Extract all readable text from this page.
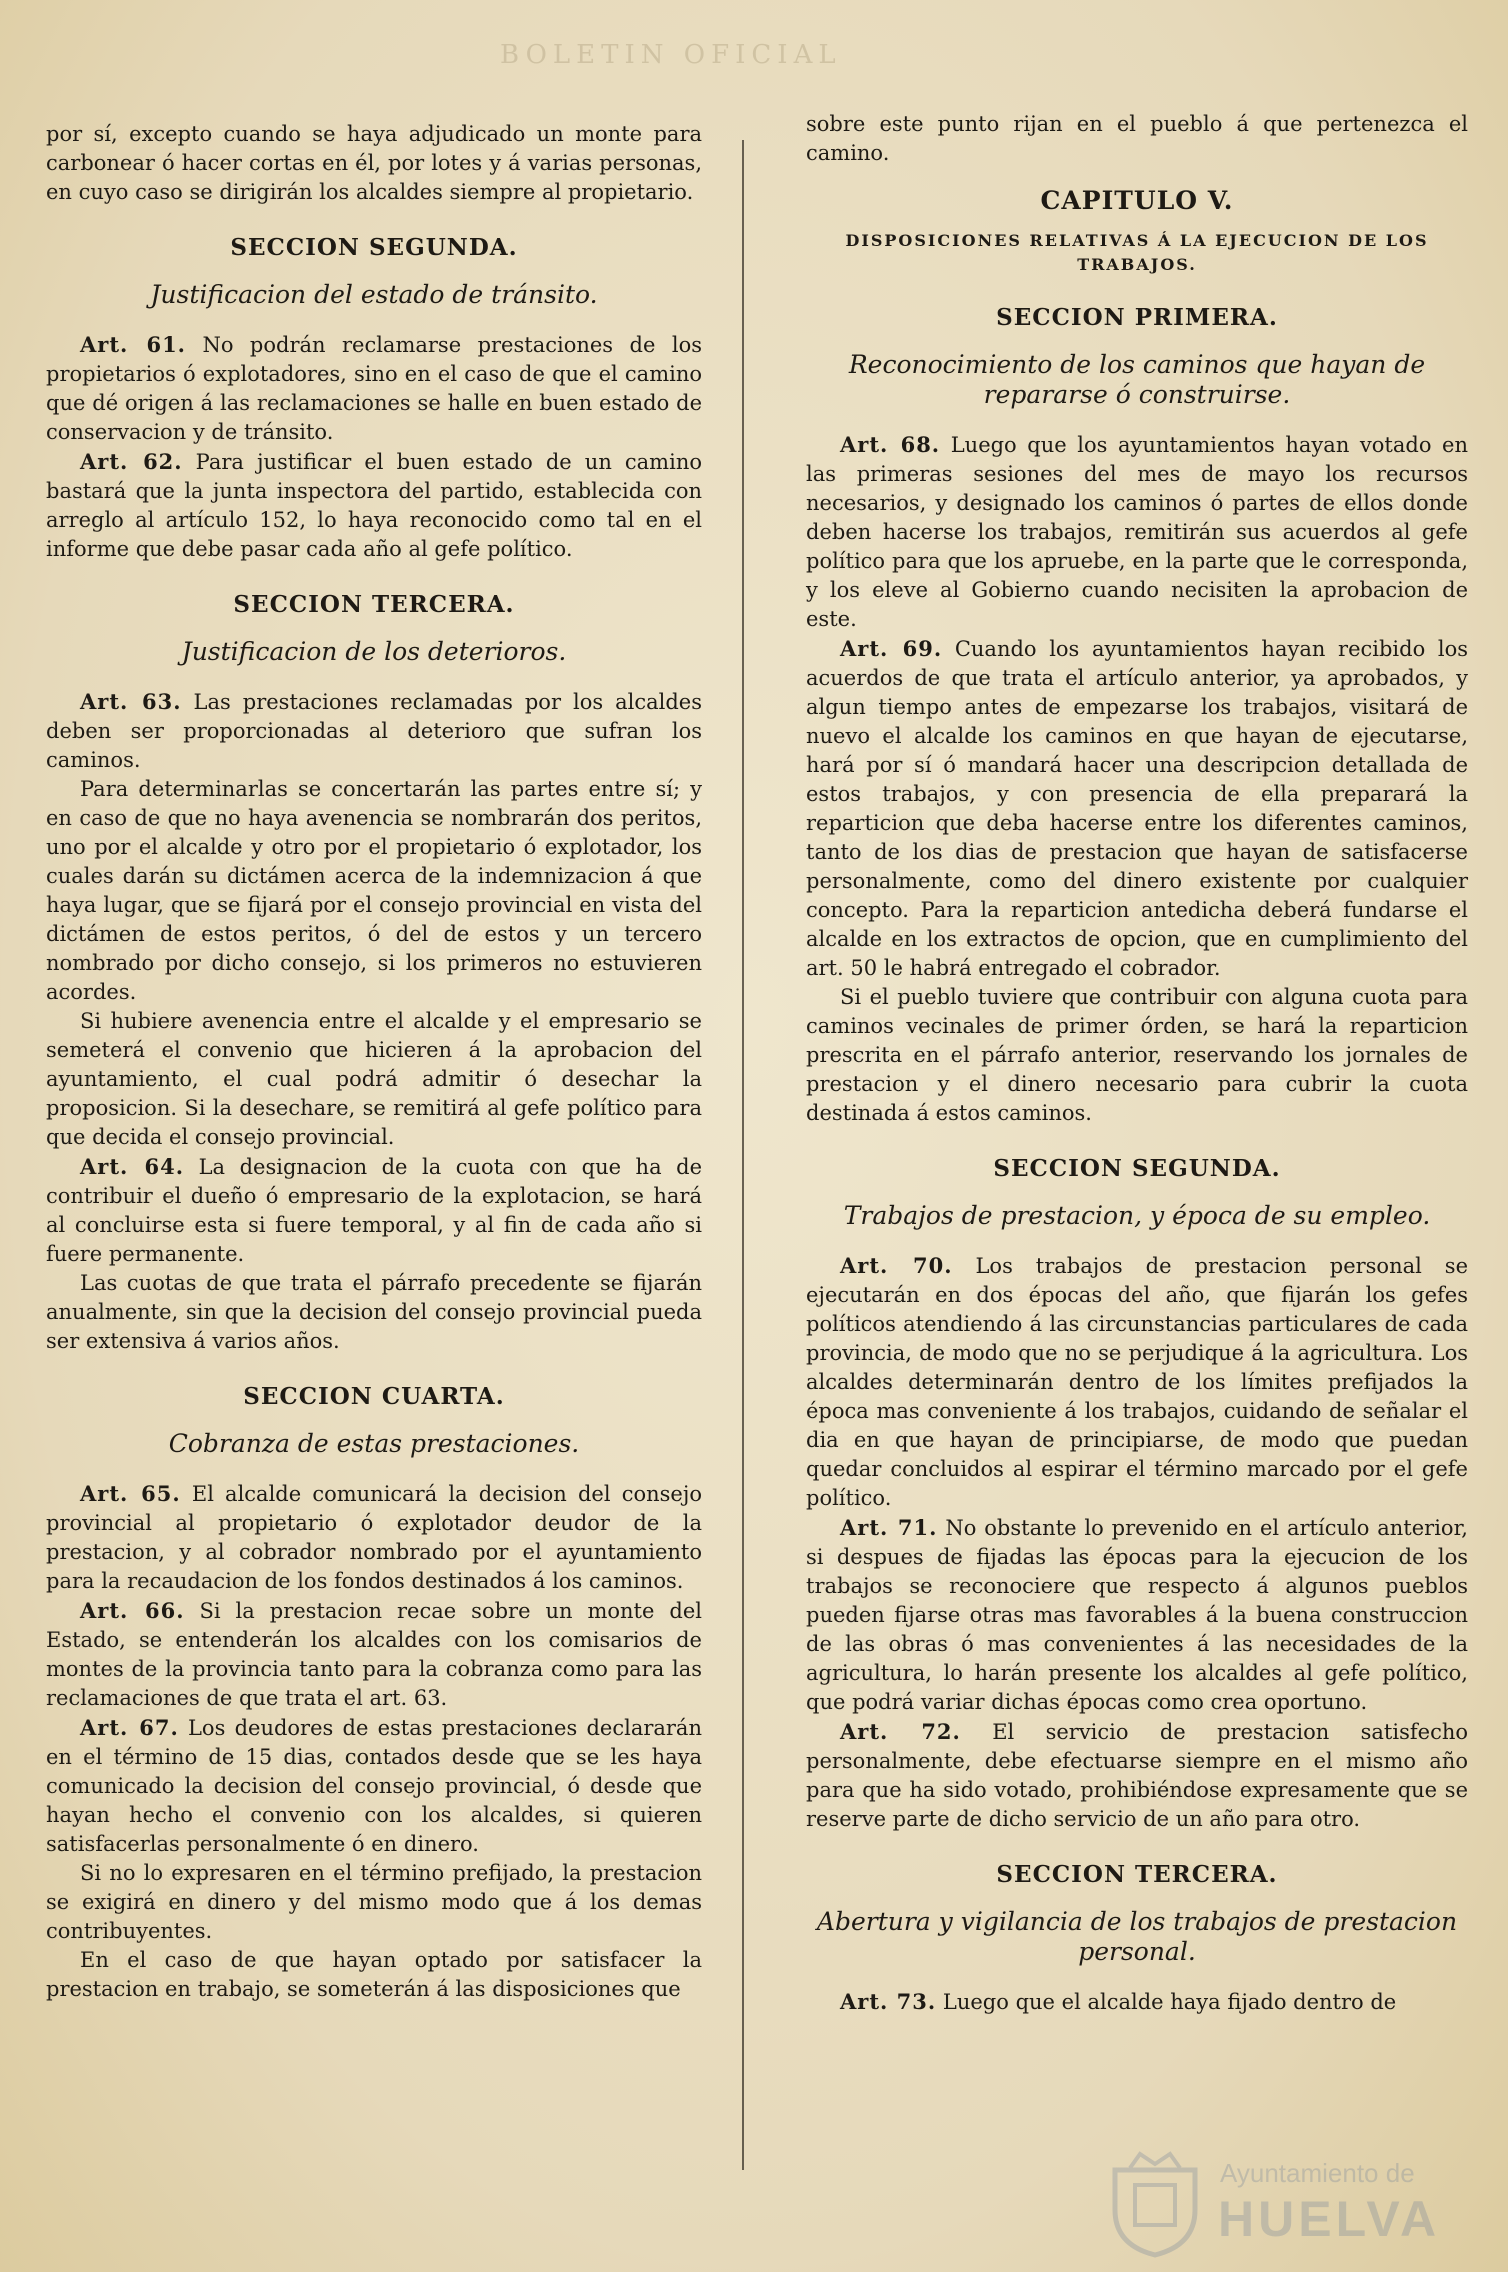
BOLETIN OFICIAL

por sí, excepto cuando se haya adjudicado un monte para carbonear ó hacer cortas en él, por lotes y á varias personas, en cuyo caso se dirigirán los alcaldes siempre al propietario.

SECCION SEGUNDA.
Justificacion del estado de tránsito.

Art. 61. No podrán reclamarse prestaciones de los propietarios ó explotadores, sino en el caso de que el camino que dé origen á las reclamaciones se halle en buen estado de conservacion y de tránsito.

Art. 62. Para justificar el buen estado de un camino bastará que la junta inspectora del partido, establecida con arreglo al artículo 152, lo haya reconocido como tal en el informe que debe pasar cada año al gefe político.

SECCION TERCERA.
Justificacion de los deterioros.

Art. 63. Las prestaciones reclamadas por los alcaldes deben ser proporcionadas al deterioro que sufran los caminos.

Para determinarlas se concertarán las partes entre sí; y en caso de que no haya avenencia se nombrarán dos peritos, uno por el alcalde y otro por el propietario ó explotador, los cuales darán su dictámen acerca de la indemnizacion á que haya lugar, que se fijará por el consejo provincial en vista del dictámen de estos peritos, ó del de estos y un tercero nombrado por dicho consejo, si los primeros no estuvieren acordes.

Si hubiere avenencia entre el alcalde y el empresario se semeterá el convenio que hicieren á la aprobacion del ayuntamiento, el cual podrá admitir ó desechar la proposicion. Si la desechare, se remitirá al gefe político para que decida el consejo provincial.

Art. 64. La designacion de la cuota con que ha de contribuir el dueño ó empresario de la explotacion, se hará al concluirse esta si fuere temporal, y al fin de cada año si fuere permanente.

Las cuotas de que trata el párrafo precedente se fijarán anualmente, sin que la decision del consejo provincial pueda ser extensiva á varios años.

SECCION CUARTA.
Cobranza de estas prestaciones.

Art. 65. El alcalde comunicará la decision del consejo provincial al propietario ó explotador deudor de la prestacion, y al cobrador nombrado por el ayuntamiento para la recaudacion de los fondos destinados á los caminos.

Art. 66. Si la prestacion recae sobre un monte del Estado, se entenderán los alcaldes con los comisarios de montes de la provincia tanto para la cobranza como para las reclamaciones de que trata el art. 63.

Art. 67. Los deudores de estas prestaciones declararán en el término de 15 dias, contados desde que se les haya comunicado la decision del consejo provincial, ó desde que hayan hecho el convenio con los alcaldes, si quieren satisfacerlas personalmente ó en dinero.

Si no lo expresaren en el término prefijado, la prestacion se exigirá en dinero y del mismo modo que á los demas contribuyentes.

En el caso de que hayan optado por satisfacer la prestacion en trabajo, se someterán á las disposiciones que

sobre este punto rijan en el pueblo á que pertenezca el camino.

CAPITULO V.
DISPOSICIONES RELATIVAS Á LA EJECUCION DE LOS TRABAJOS.
SECCION PRIMERA.
Reconocimiento de los caminos que hayan de repararse ó construirse.

Art. 68. Luego que los ayuntamientos hayan votado en las primeras sesiones del mes de mayo los recursos necesarios, y designado los caminos ó partes de ellos donde deben hacerse los trabajos, remitirán sus acuerdos al gefe político para que los apruebe, en la parte que le corresponda, y los eleve al Gobierno cuando necisiten la aprobacion de este.

Art. 69. Cuando los ayuntamientos hayan recibido los acuerdos de que trata el artículo anterior, ya aprobados, y algun tiempo antes de empezarse los trabajos, visitará de nuevo el alcalde los caminos en que hayan de ejecutarse, hará por sí ó mandará hacer una descripcion detallada de estos trabajos, y con presencia de ella preparará la reparticion que deba hacerse entre los diferentes caminos, tanto de los dias de prestacion que hayan de satisfacerse personalmente, como del dinero existente por cualquier concepto. Para la reparticion antedicha deberá fundarse el alcalde en los extractos de opcion, que en cumplimiento del art. 50 le habrá entregado el cobrador.

Si el pueblo tuviere que contribuir con alguna cuota para caminos vecinales de primer órden, se hará la reparticion prescrita en el párrafo anterior, reservando los jornales de prestacion y el dinero necesario para cubrir la cuota destinada á estos caminos.

SECCION SEGUNDA.
Trabajos de prestacion, y época de su empleo.

Art. 70. Los trabajos de prestacion personal se ejecutarán en dos épocas del año, que fijarán los gefes políticos atendiendo á las circunstancias particulares de cada provincia, de modo que no se perjudique á la agricultura. Los alcaldes determinarán dentro de los límites prefijados la época mas conveniente á los trabajos, cuidando de señalar el dia en que hayan de principiarse, de modo que puedan quedar concluidos al espirar el término marcado por el gefe político.

Art. 71. No obstante lo prevenido en el artículo anterior, si despues de fijadas las épocas para la ejecucion de los trabajos se reconociere que respecto á algunos pueblos pueden fijarse otras mas favorables á la buena construccion de las obras ó mas convenientes á las necesidades de la agricultura, lo harán presente los alcaldes al gefe político, que podrá variar dichas épocas como crea oportuno.

Art. 72. El servicio de prestacion satisfecho personalmente, debe efectuarse siempre en el mismo año para que ha sido votado, prohibiéndose expresamente que se reserve parte de dicho servicio de un año para otro.

SECCION TERCERA.
Abertura y vigilancia de los trabajos de prestacion personal.

Art. 73. Luego que el alcalde haya fijado dentro de

Ayuntamiento de
HUELVA
